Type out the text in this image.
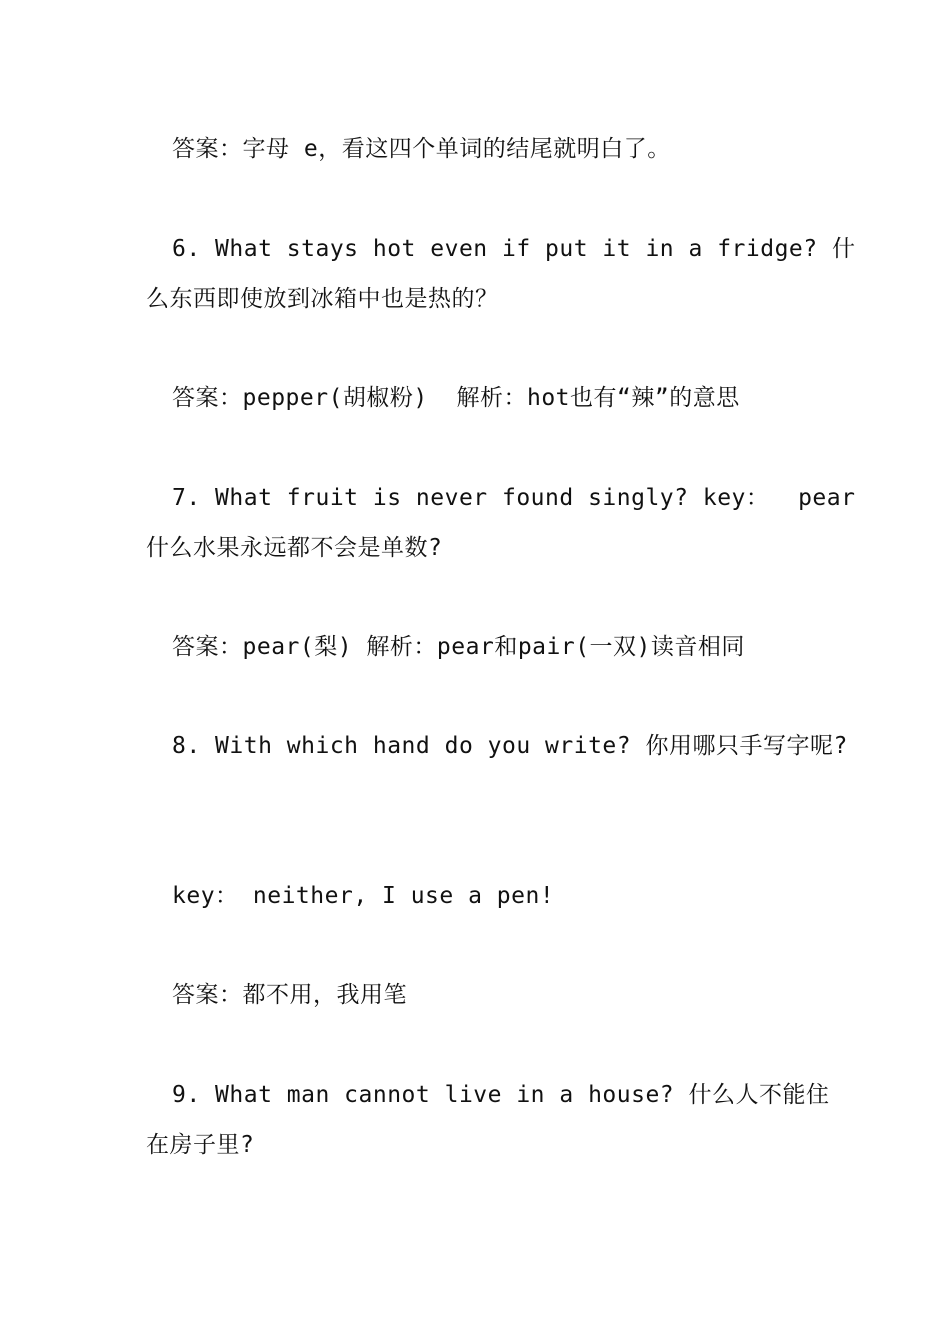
答案：字母 e，看这四个单词的结尾就明白了。
6. What stays hot even if put it in a fridge? 什
么东西即使放到冰箱中也是热的？
答案：pepper(胡椒粉)  解析：hot也有“辣”的意思
7. What fruit is never found singly? key：  pear
什么水果永远都不会是单数?
答案：pear(梨) 解析：pear和pair(一双)读音相同
8. With which hand do you write? 你用哪只手写字呢?
key： neither, I use a pen!
答案：都不用，我用笔
9. What man cannot live in a house? 什么人不能住
在房子里?
